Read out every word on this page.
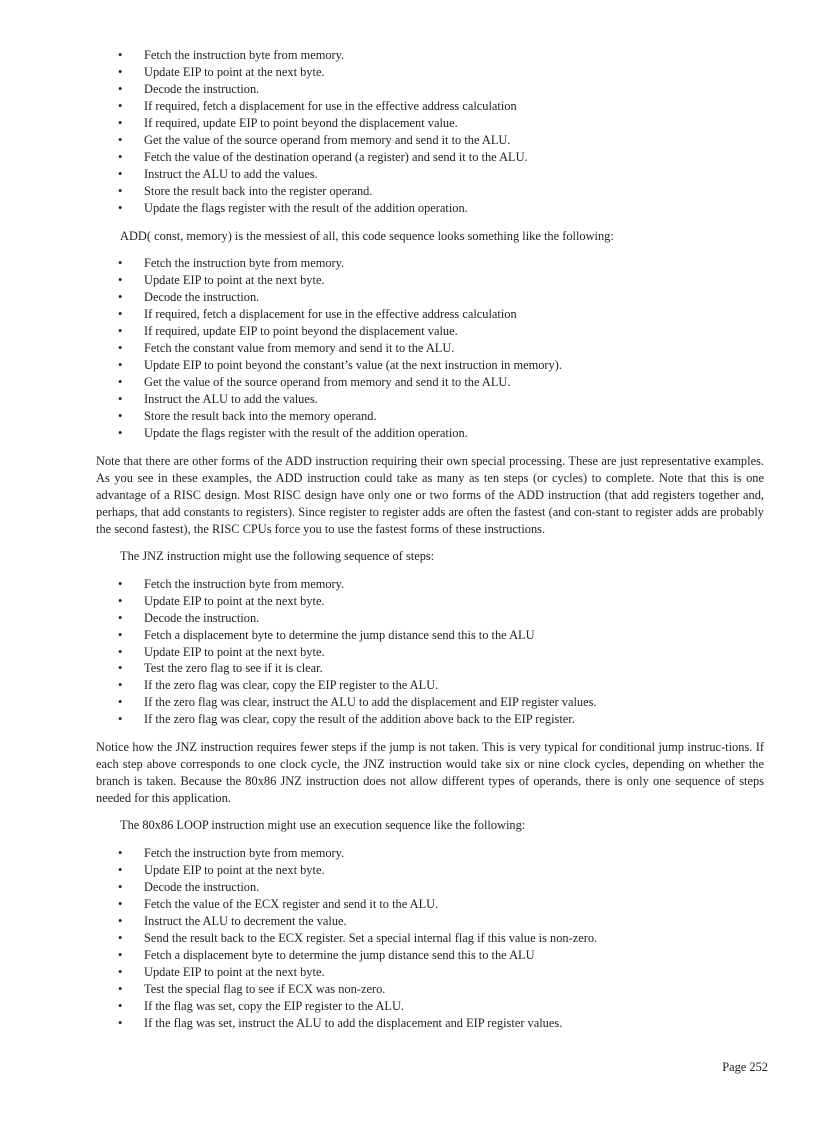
• Fetch the instruction byte from memory.
• Update EIP to point at the next byte.
• Decode the instruction.
• If required, fetch a displacement for use in the effective address calculation
• If required, update EIP to point beyond the displacement value.
• Get the value of the source operand from memory and send it to the ALU.
• Fetch the value of the destination operand (a register) and send it to the ALU.
• Instruct the ALU to add the values.
• Store the result back into the register operand.
• Update the flags register with the result of the addition operation.

ADD( const, memory) is the messiest of all, this code sequence looks something like the following:

• Fetch the instruction byte from memory.
• Update EIP to point at the next byte.
• Decode the instruction.
• If required, fetch a displacement for use in the effective address calculation
• If required, update EIP to point beyond the displacement value.
• Fetch the constant value from memory and send it to the ALU.
• Update EIP to point beyond the constant’s value (at the next instruction in memory).
• Get the value of the source operand from memory and send it to the ALU.
• Instruct the ALU to add the values.
• Store the result back into the memory operand.
• Update the flags register with the result of the addition operation.

Note that there are other forms of the ADD instruction requiring their own special processing. These are just representative examples. As you see in these examples, the ADD instruction could take as many as ten steps (or cycles) to complete. Note that this is one advantage of a RISC design. Most RISC design have only one or two forms of the ADD instruction (that add registers together and, perhaps, that add constants to registers). Since register to register adds are often the fastest (and con-stant to register adds are probably the second fastest), the RISC CPUs force you to use the fastest forms of these instructions.

The JNZ instruction might use the following sequence of steps:

• Fetch the instruction byte from memory.
• Update EIP to point at the next byte.
• Decode the instruction.
• Fetch a displacement byte to determine the jump distance send this to the ALU
• Update EIP to point at the next byte.
• Test the zero flag to see if it is clear.
• If the zero flag was clear, copy the EIP register to the ALU.
• If the zero flag was clear, instruct the ALU to add the displacement and EIP register values.
• If the zero flag was clear, copy the result of the addition above back to the EIP register.

Notice how the JNZ instruction requires fewer steps if the jump is not taken. This is very typical for conditional jump instruc-tions. If each step above corresponds to one clock cycle, the JNZ instruction would take six or nine clock cycles, depending on whether the branch is taken. Because the 80x86 JNZ instruction does not allow different types of operands, there is only one sequence of steps needed for this application.

The 80x86 LOOP instruction might use an execution sequence like the following:

• Fetch the instruction byte from memory.
• Update EIP to point at the next byte.
• Decode the instruction.
• Fetch the value of the ECX register and send it to the ALU.
• Instruct the ALU to decrement the value.
• Send the result back to the ECX register. Set a special internal flag if this value is non-zero.
• Fetch a displacement byte to determine the jump distance send this to the ALU
• Update EIP to point at the next byte.
• Test the special flag to see if ECX was non-zero.
• If the flag was set, copy the EIP register to the ALU.
• If the flag was set, instruct the ALU to add the displacement and EIP register values.
Page 252
